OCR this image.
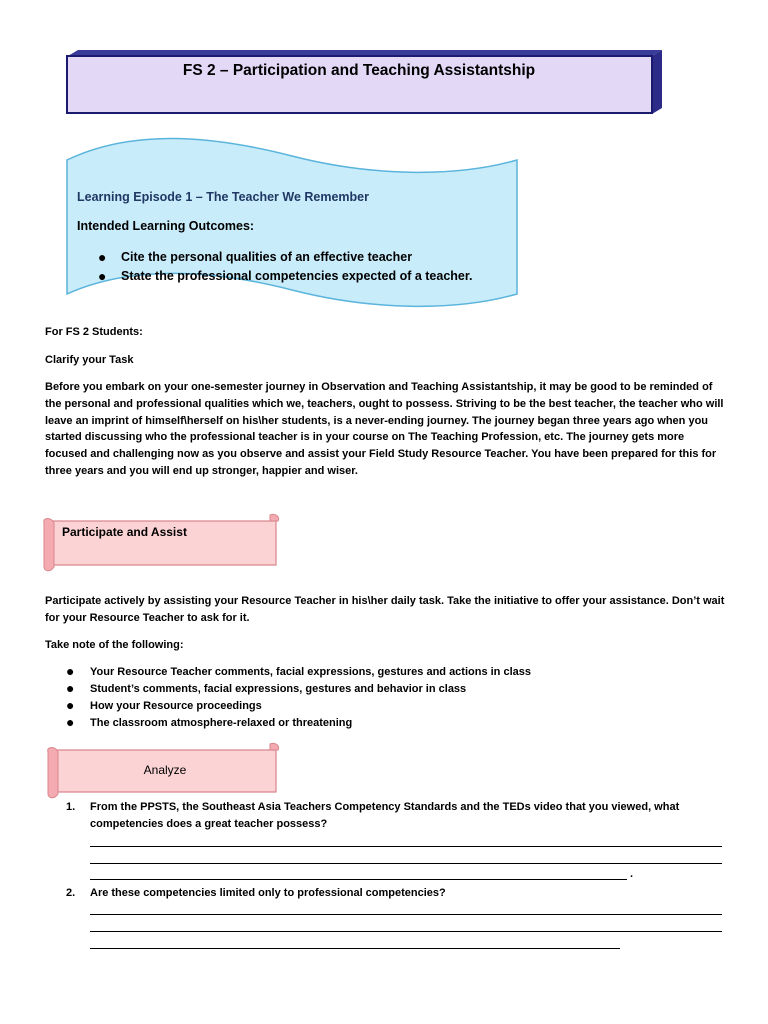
FS 2 – Participation and Teaching Assistantship
Learning Episode 1 – The Teacher We Remember
Intended Learning Outcomes:
● Cite the personal qualities of an effective teacher
● State the professional competencies expected of a teacher.

For FS 2 Students:

Clarify your Task

Before you embark on your one-semester journey in Observation and Teaching Assistantship, it may be good to be reminded of the personal and professional qualities which we, teachers, ought to possess. Striving to be the best teacher, the teacher who will leave an imprint of himself\herself on his\her students, is a never-ending journey. The journey began three years ago when you started discussing who the professional teacher is in your course on The Teaching Profession, etc. The journey gets more focused and challenging now as you observe and assist your Field Study Resource Teacher. You have been prepared for this for three years and you will end up stronger, happier and wiser.

Participate and Assist

Participate actively by assisting your Resource Teacher in his\her daily task. Take the initiative to offer your assistance. Don’t wait for your Resource Teacher to ask for it.

Take note of the following:

● Your Resource Teacher comments, facial expressions, gestures and actions in class
● Student’s comments, facial expressions, gestures and behavior in class
● How your Resource proceedings
● The classroom atmosphere-relaxed or threatening
Analyze
1. From the PPSTS, the Southeast Asia Teachers Competency Standards and the TEDs video that you viewed, what competencies does a great teacher possess?
.
2. Are these competencies limited only to professional competencies?
